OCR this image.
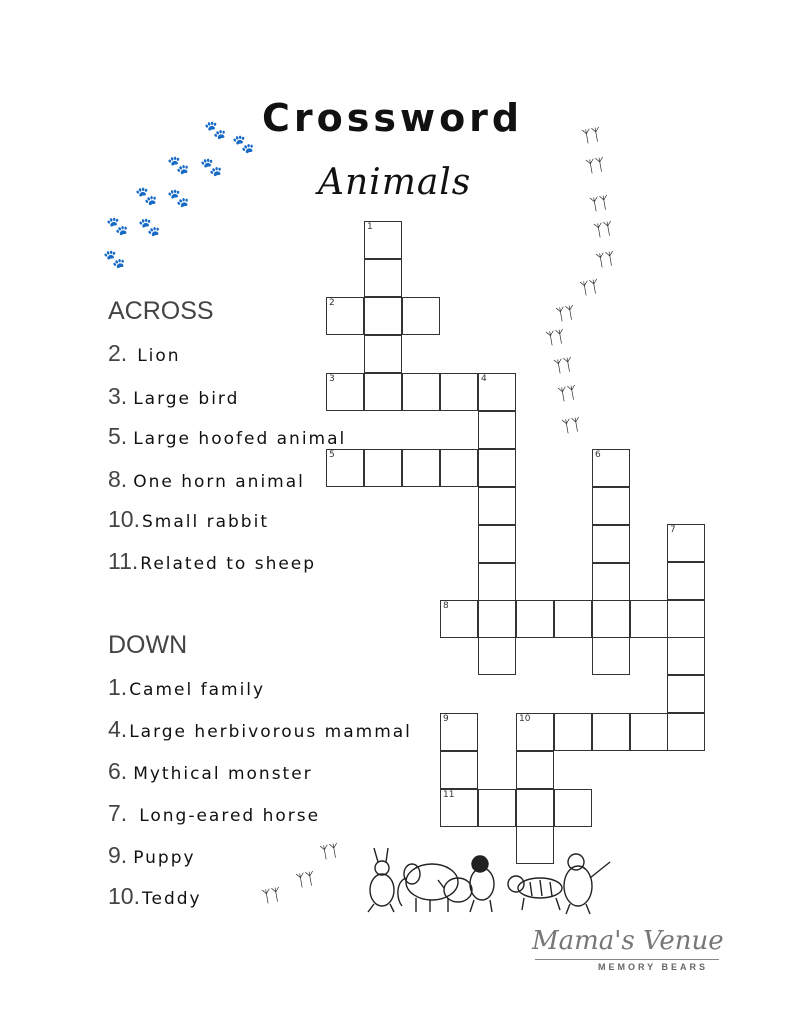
Crossword
Animals
🐾
🐾
🐾 🐾
🐾 🐾
🐾 🐾
🐾
ᛉᛉ
ᛉᛉ
ᛉᛉ
ᛉᛉ
ᛉᛉ
ᛉᛉ
ᛉᛉ
ᛉᛉ
ᛉᛉ
ᛉᛉ
ᛉᛉ
ᛉᛉ
ᛉᛉ
ᛉᛉ
ACROSS
2. Lion
3. Large bird
5. Large hoofed animal
8. One horn animal
10. Small rabbit
11. Related to sheep
DOWN
1. Camel family
4. Large herbivorous mammal
6. Mythical monster
7. Long-eared horse
9. Puppy
10. Teddy
1
2
3	4
5	6
7
8
10
9
11
Mama's Venue
MEMORY BEARS
